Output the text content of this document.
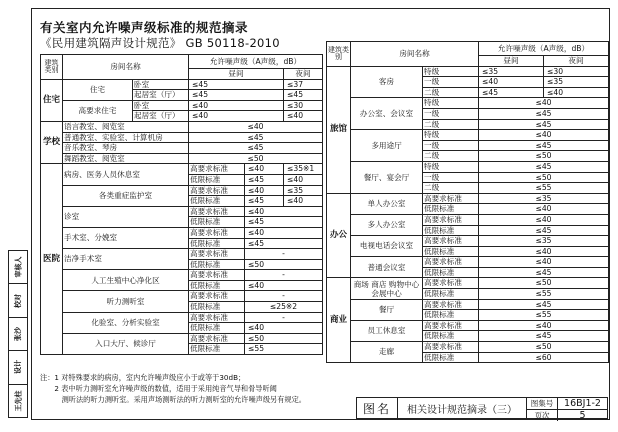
审核人
校对
张沙
设计
王先柱
有关室内允许噪声级标准的规范摘录
《民用建筑隔声设计规范》 GB 50118-2010
建筑类别	房间名称		允许噪声级（A声级，dB）		
			昼间		夜间
住宅	住宅	卧室	≤45		≤37
		起居室（厅）	≤45		≤45
	高要求住宅	卧室	≤40		≤30
		起居室（厅）	≤40		≤40
学校	语言教室、阅览室		≤40		
	普通教室、实验室、计算机房		≤45		
	音乐教室、琴房		≤45		
	舞蹈教室、阅览室		≤50		
医院	病房、医务人员休息室		高要求标准	≤40	≤35※1
			低限标准	≤45	≤40
	各类重症监护室		高要求标准	≤40	≤35
			低限标准	≤45	≤40
	诊室		高要求标准	≤40	
			低限标准	≤45	
	手术室、分娩室		高要求标准	≤40	
			低限标准	≤45	
	洁净手术室		高要求标准	-	
			低限标准	≤50	
	人工生殖中心净化区		高要求标准	-	
			低限标准	≤40	
	听力测听室		高要求标准	-	
			低限标准	≤25※2	
	化验室、分析实验室		高要求标准	-	
			低限标准	≤40	
	入口大厅、候诊厅		高要求标准	≤50	
			低限标准	≤55	
建筑类别	房间名称		允许噪声级（A声级，dB）	
			昼间	夜间
旅馆	客房	特级	≤35	≤30
		一级	≤40	≤35
		二级	≤45	≤40
	办公室、会议室	特级	≤40	
		一级	≤45	
		二级	≤45	
	多用途厅	特级	≤40	
		一级	≤45	
		二级	≤50	
	餐厅、宴会厅	特级	≤45	
		一级	≤50	
		二级	≤55	
办公	单人办公室	高要求标准	≤35	
		低限标准	≤40	
	多人办公室	高要求标准	≤40	
		低限标准	≤45	
	电视电话会议室	高要求标准	≤35	
		低限标准	≤40	
	普通会议室	高要求标准	≤40	
		低限标准	≤45	
商业	商场 商店 购物中心 会展中心	高要求标准	≤50	
		低限标准	≤55	
	餐厅	高要求标准	≤45	
		低限标准	≤55	
	员工休息室	高要求标准	≤40	
		低限标准	≤45	
	走廊	高要求标准	≤50	
		低限标准	≤60	
注：1 对特殊要求的病房，室内允许噪声级应小于或等于30dB；
　　2 表中听力测听室允许噪声级的数值，适用于采用纯音气导和骨导听阈
　　　测听法的听力测听室。采用声场测听法的听力测听室的允许噪声级另有规定。
图名	相关设计规范摘录（三）
图集号	16BJ1-2
页次	5
